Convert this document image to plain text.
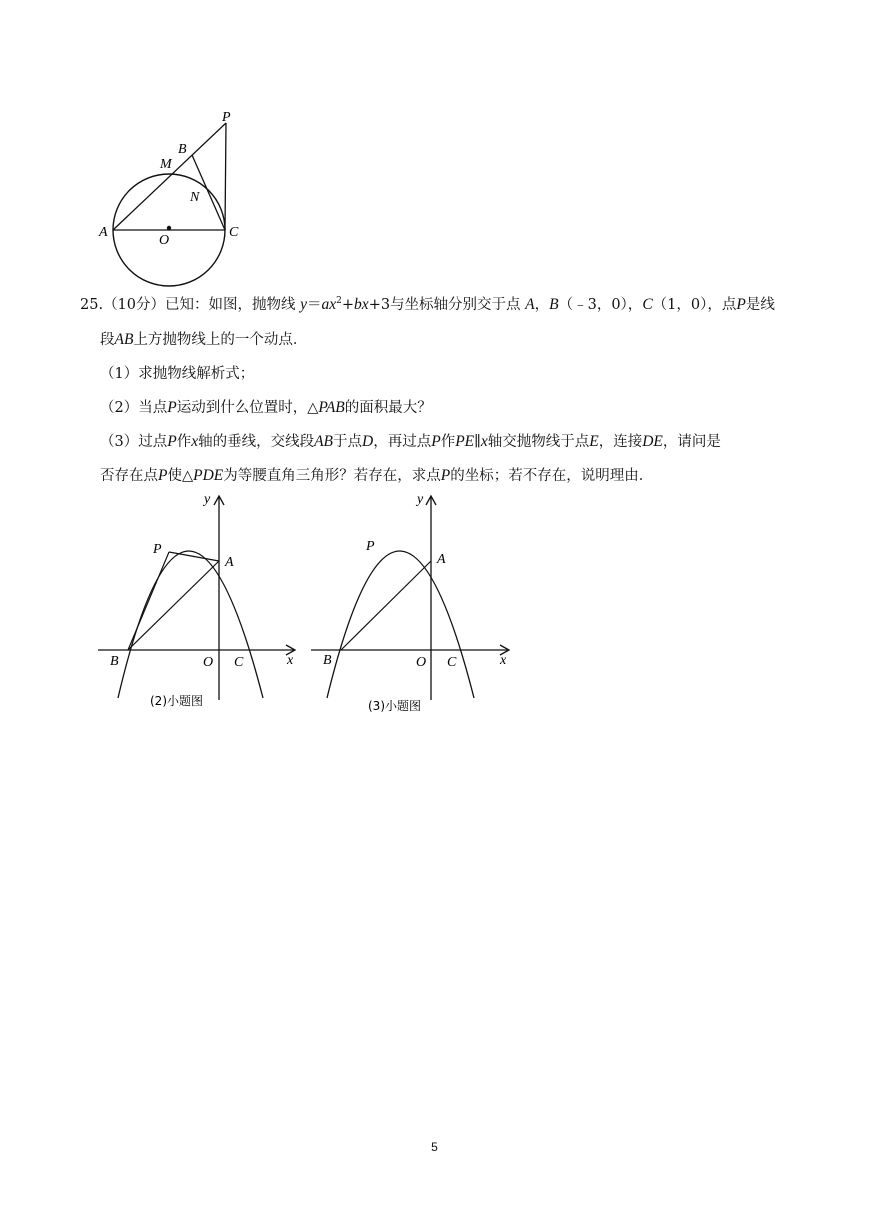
P
B
M
N
A
O
C
25.（10分）已知：如图，抛物线 $y=ax^2+bx+3$与坐标轴分别交于点 A，B（﹣3，0），C（1，0），点P是线
段AB上方抛物线上的一个动点．
（1）求抛物线解析式；
（2）当点P运动到什么位置时，△PAB的面积最大？
（3）过点P作x轴的垂线，交线段AB于点D，再过点P作PE∥x轴交抛物线于点E，连接DE，请问是
否存在点P使△PDE为等腰直角三角形？若存在，求点P的坐标；若不存在，说明理由．
y
P
A
B	O C	x
(2)小题图
y
P
A
B	O C	x
(3)小题图
5
